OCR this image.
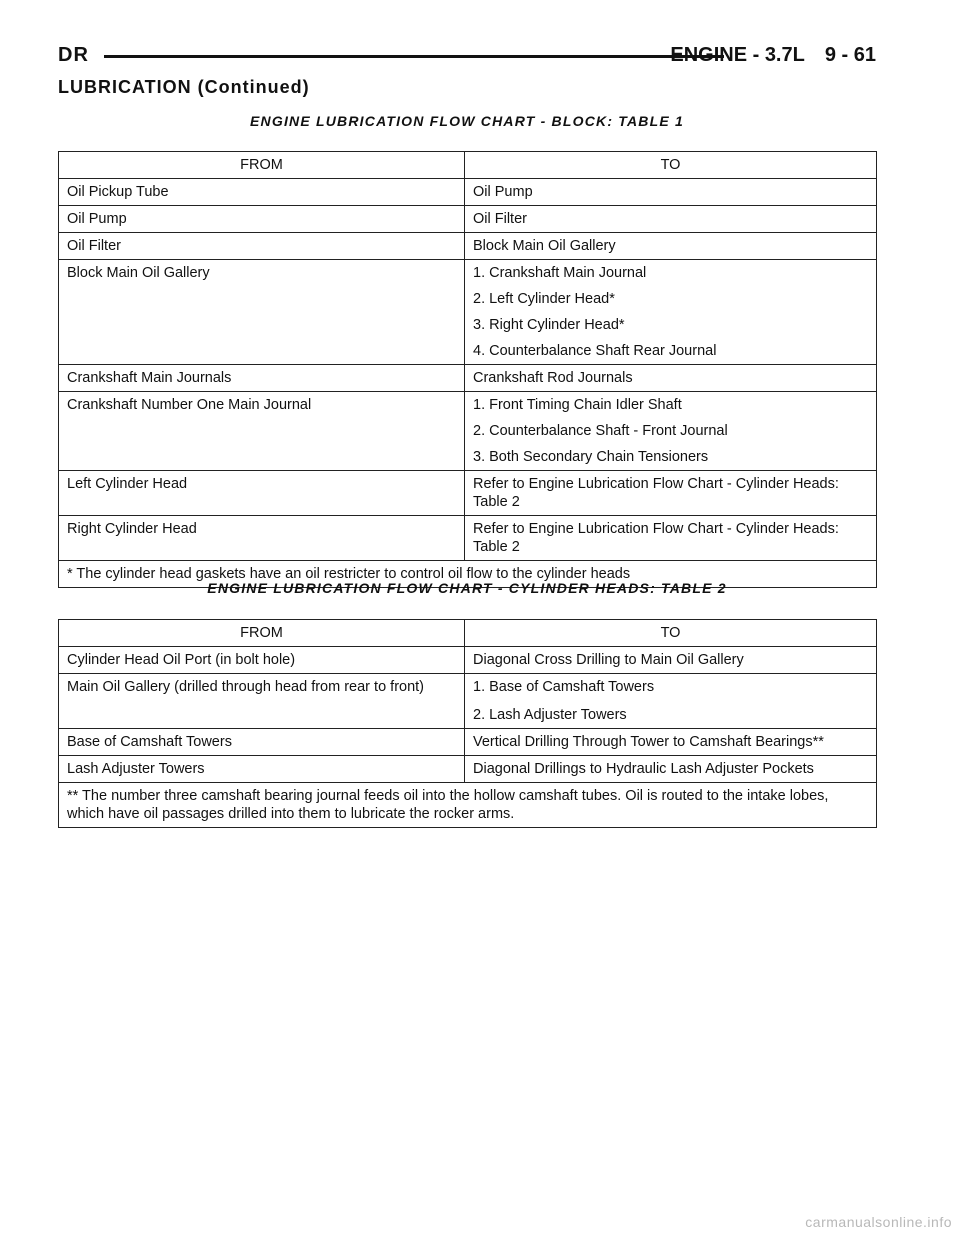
DR	ENGINE - 3.7L 9 - 61
LUBRICATION (Continued)
ENGINE LUBRICATION FLOW CHART - BLOCK: TABLE 1
FROM	TO
Oil Pickup Tube	Oil Pump

Oil Pump	Oil Filter

Oil Filter	Block Main Oil Gallery

Block Main Oil Gallery	1. Crankshaft Main Journal
2. Left Cylinder Head*
3. Right Cylinder Head*
4. Counterbalance Shaft Rear Journal

Crankshaft Main Journals	Crankshaft Rod Journals

Crankshaft Number One Main Journal	1. Front Timing Chain Idler Shaft
2. Counterbalance Shaft - Front Journal
3. Both Secondary Chain Tensioners

Left Cylinder Head	Refer to Engine Lubrication Flow Chart - Cylinder Heads: Table 2

Right Cylinder Head	Refer to Engine Lubrication Flow Chart - Cylinder Heads: Table 2

* The cylinder head gaskets have an oil restricter to control oil flow to the cylinder heads	
ENGINE LUBRICATION FLOW CHART - CYLINDER HEADS: TABLE 2
FROM	TO
Cylinder Head Oil Port (in bolt hole)	Diagonal Cross Drilling to Main Oil Gallery

Main Oil Gallery (drilled through head from rear to front)	1. Base of Camshaft Towers
2. Lash Adjuster Towers

Base of Camshaft Towers	Vertical Drilling Through Tower to Camshaft Bearings**

Lash Adjuster Towers	Diagonal Drillings to Hydraulic Lash Adjuster Pockets

** The number three camshaft bearing journal feeds oil into the hollow camshaft tubes. Oil is routed to the intake lobes, which have oil passages drilled into them to lubricate the rocker arms.	
carmanualsonline.info
